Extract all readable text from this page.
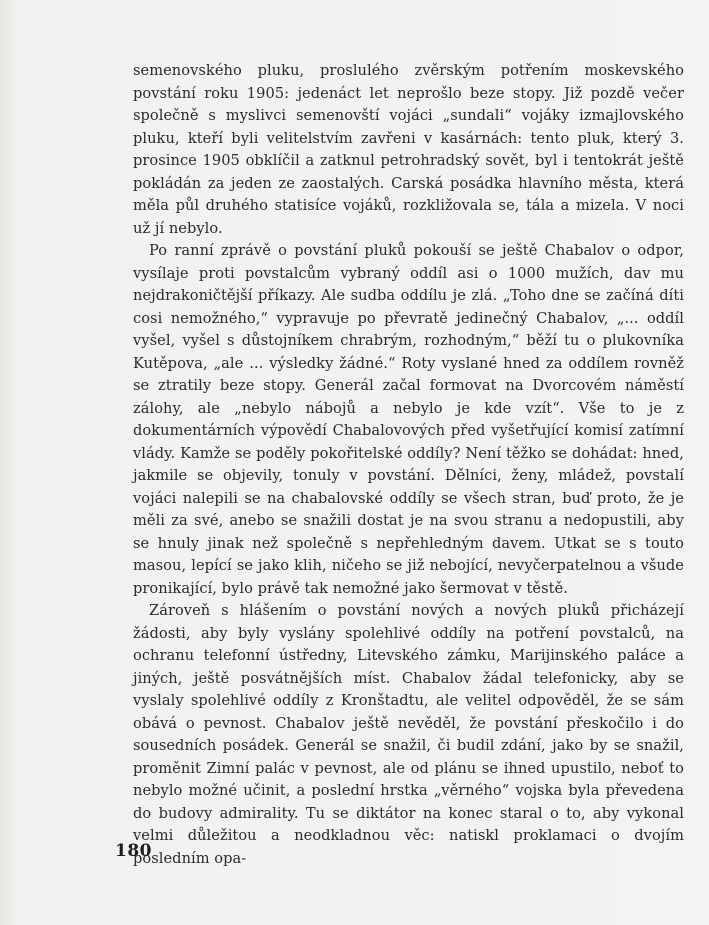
semenovského pluku, proslulého zvěrským potřením moskevského povstání roku 1905: jedenáct let neprošlo beze stopy. Již pozdě večer společně s myslivci semenovští vojáci „sundali“ vojáky izmajlovského pluku, kteří byli velitelstvím zavřeni v kasárnách: tento pluk, který 3. prosince 1905 obklíčil a zatknul petrohradský sovět, byl i tentokrát ještě pokládán za jeden ze zaostalých. Carská posádka hlavního města, která měla půl druhého statisíce vojáků, rozkližovala se, tála a mizela. V noci už jí nebylo.

Po ranní zprávě o povstání pluků pokouší se ještě Chabalov o odpor, vysílaje proti povstalcům vybraný oddíl asi o 1000 mužích, dav mu nejdrakoničtější příkazy. Ale sudba oddílu je zlá. „Toho dne se začíná díti cosi nemožného,“ vypravuje po převratě jedinečný Chabalov, „... oddíl vyšel, vyšel s důstojníkem chrabrým, rozhodným,“ běží tu o plukovníka Kutěpova, „ale ... výsledky žádné.“ Roty vyslané hned za oddílem rovněž se ztratily beze stopy. Generál začal formovat na Dvorcovém náměstí zálohy, ale „nebylo nábojů a nebylo je kde vzít“. Vše to je z dokumentárních výpovědí Chabalovových před vyšetřující komisí zatímní vlády. Kamže se poděly pokořitelské oddíly? Není těžko se dohádat: hned, jakmile se objevily, tonuly v povstání. Dělníci, ženy, mládež, povstalí vojáci nalepili se na chabalovské oddíly se všech stran, buď proto, že je měli za své, anebo se snažili dostat je na svou stranu a nedopustili, aby se hnuly jinak než společně s nepřehledným davem. Utkat se s touto masou, lepící se jako klih, ničeho se již nebojící, nevyčerpatelnou a všude pronikající, bylo právě tak nemožné jako šermovat v těstě.

Zároveň s hlášením o povstání nových a nových pluků přicházejí žádosti, aby byly vyslány spolehlivé oddíly na potření povstalců, na ochranu telefonní ústředny, Litevského zámku, Marijinského paláce a jiných, ještě posvátnějších míst. Chabalov žádal telefonicky, aby se vyslaly spolehlivé oddíly z Kronštadtu, ale velitel odpověděl, že se sám obává o pevnost. Chabalov ještě nevěděl, že povstání přeskočilo i do sousedních posádek. Generál se snažil, či budil zdání, jako by se snažil, proměnit Zimní palác v pevnost, ale od plánu se ihned upustilo, neboť to nebylo možné učinit, a poslední hrstka „věrného“ vojska byla převedena do budovy admirality. Tu se diktátor na konec staral o to, aby vykonal velmi důležitou a neodkladnou věc: natiskl proklamaci o dvojím posledním opa-

180
